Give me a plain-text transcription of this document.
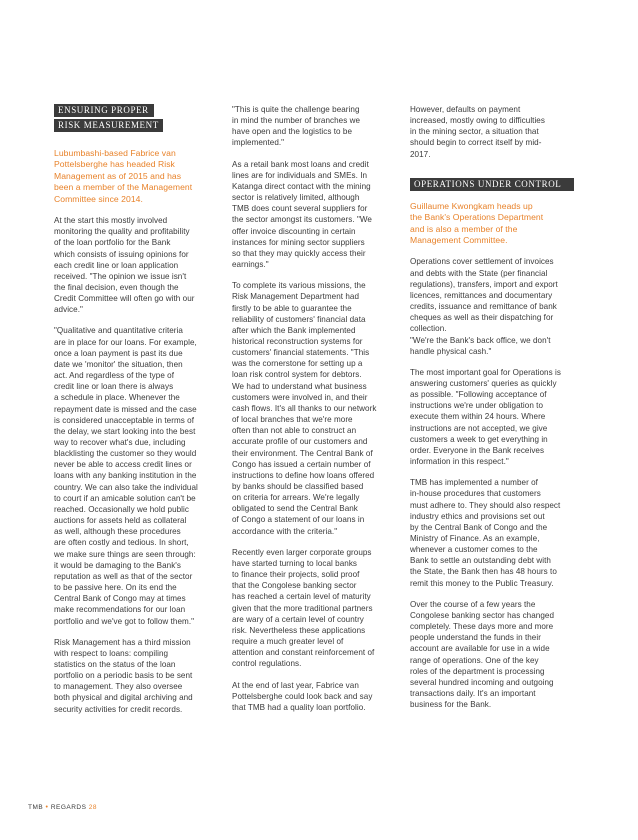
ENSURING PROPER
RISK MEASUREMENT

Lubumbashi-based Fabrice van
Pottelsberghe has headed Risk
Management as of 2015 and has
been a member of the Management
Committee since 2014.

At the start this mostly involved
monitoring the quality and profitability
of the loan portfolio for the Bank
which consists of issuing opinions for
each credit line or loan application
received. "The opinion we issue isn't
the final decision, even though the
Credit Committee will often go with our
advice."

"Qualitative and quantitative criteria
are in place for our loans. For example,
once a loan payment is past its due
date we 'monitor' the situation, then
act. And regardless of the type of
credit line or loan there is always
a schedule in place. Whenever the
repayment date is missed and the case
is considered unacceptable in terms of
the delay, we start looking into the best
way to recover what's due, including
blacklisting the customer so they would
never be able to access credit lines or
loans with any banking institution in the
country. We can also take the individual
to court if an amicable solution can't be
reached. Occasionally we hold public
auctions for assets held as collateral
as well, although these procedures
are often costly and tedious. In short,
we make sure things are seen through:
it would be damaging to the Bank's
reputation as well as that of the sector
to be passive here. On its end the
Central Bank of Congo may at times
make recommendations for our loan
portfolio and we've got to follow them."

Risk Management has a third mission
with respect to loans: compiling
statistics on the status of the loan
portfolio on a periodic basis to be sent
to management. They also oversee
both physical and digital archiving and
security activities for credit records.

"This is quite the challenge bearing
in mind the number of branches we
have open and the logistics to be
implemented."

As a retail bank most loans and credit
lines are for individuals and SMEs. In
Katanga direct contact with the mining
sector is relatively limited, although
TMB does count several suppliers for
the sector amongst its customers. "We
offer invoice discounting in certain
instances for mining sector suppliers
so that they may quickly access their
earnings."

To complete its various missions, the
Risk Management Department had
firstly to be able to guarantee the
reliability of customers' financial data
after which the Bank implemented
historical reconstruction systems for
customers' financial statements. "This
was the cornerstone for setting up a
loan risk control system for debtors.
We had to understand what business
customers were involved in, and their
cash flows. It's all thanks to our network
of local branches that we're more
often than not able to construct an
accurate profile of our customers and
their environment. The Central Bank of
Congo has issued a certain number of
instructions to define how loans offered
by banks should be classified based
on criteria for arrears. We're legally
obligated to send the Central Bank
of Congo a statement of our loans in
accordance with the criteria."

Recently even larger corporate groups
have started turning to local banks
to finance their projects, solid proof
that the Congolese banking sector
has reached a certain level of maturity
given that the more traditional partners
are wary of a certain level of country
risk. Nevertheless these applications
require a much greater level of
attention and constant reinforcement of
control regulations.

At the end of last year, Fabrice van
Pottelsberghe could look back and say
that TMB had a quality loan portfolio.

However, defaults on payment
increased, mostly owing to difficulties
in the mining sector, a situation that
should begin to correct itself by mid-
2017.

OPERATIONS UNDER CONTROL

Guillaume Kwongkam heads up
the Bank's Operations Department
and is also a member of the
Management Committee.

Operations cover settlement of invoices
and debts with the State (per financial
regulations), transfers, import and export
licences, remittances and documentary
credits, issuance and remittance of bank
cheques as well as their dispatching for
collection.
"We're the Bank's back office, we don't
handle physical cash."

The most important goal for Operations is
answering customers' queries as quickly
as possible. "Following acceptance of
instructions we're under obligation to
execute them within 24 hours. Where
instructions are not accepted, we give
customers a week to get everything in
order. Everyone in the Bank receives
information in this respect."

TMB has implemented a number of
in-house procedures that customers
must adhere to. They should also respect
industry ethics and provisions set out
by the Central Bank of Congo and the
Ministry of Finance. As an example,
whenever a customer comes to the
Bank to settle an outstanding debt with
the State, the Bank then has 48 hours to
remit this money to the Public Treasury.

Over the course of a few years the
Congolese banking sector has changed
completely. These days more and more
people understand the funds in their
account are available for use in a wide
range of operations. One of the key
roles of the department is processing
several hundred incoming and outgoing
transactions daily. It's an important
business for the Bank.

TMB • REGARDS 28
